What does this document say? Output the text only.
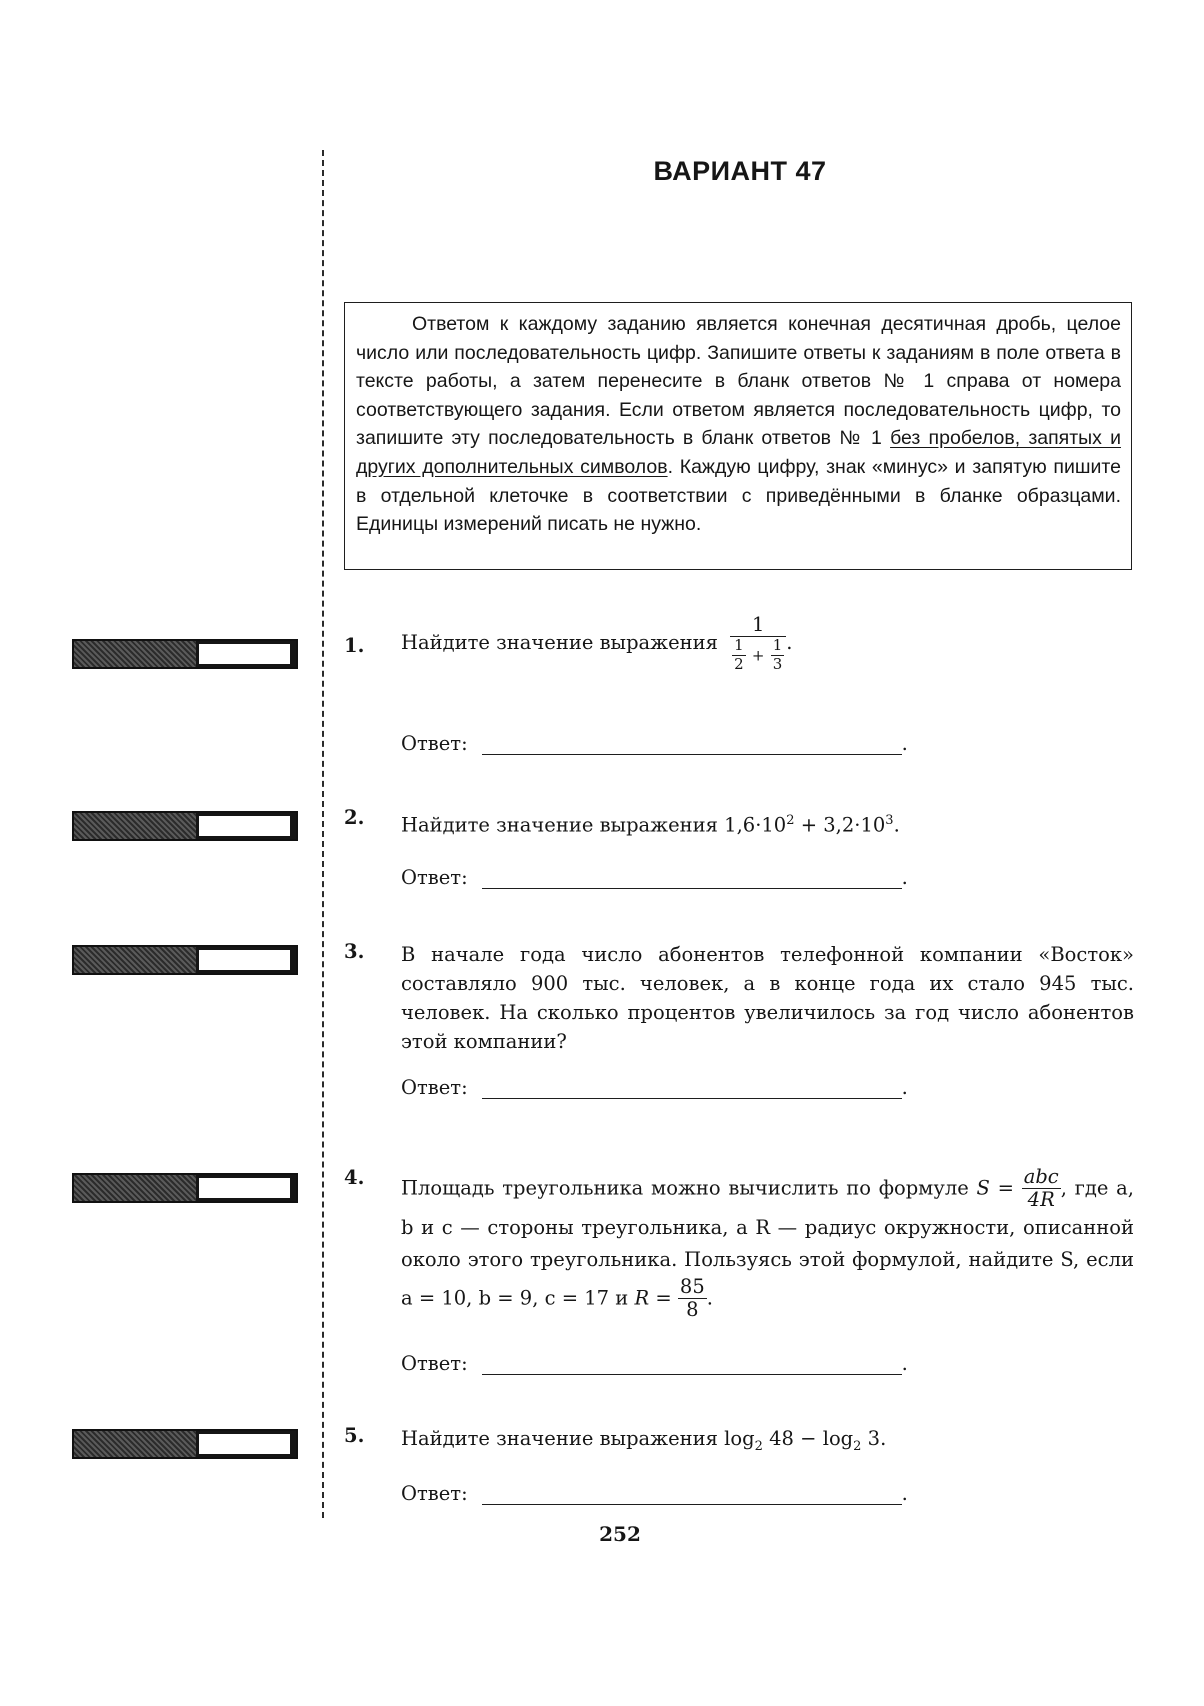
ВАРИАНТ 47
Ответом к каждому заданию является конечная десятичная дробь, целое число или последовательность цифр. Запишите ответы к заданиям в поле ответа в тексте работы, а затем перенесите в бланк ответов № 1 справа от номера соответствующего задания. Если ответом является последовательность цифр, то запишите эту последовательность в бланк ответов № 1 без пробелов, запятых и других дополнительных символов. Каждую цифру, знак «минус» и запятую пишите в отдельной клеточке в соответствии с приведёнными в бланке образцами. Единицы измерений писать не нужно.
1. Найдите значение выражения $\frac{1}{\frac{1}{2} + \frac{1}{3}}$ .
Ответ:	.
2. Найдите значение выражения $1,6\cdot 10^2 + 3,2\cdot 10^3$.
Ответ:	.
3. В начале года число абонентов телефонной компании «Восток» составляло 900 тыс. человек, а в конце года их стало 945 тыс. человек. На сколько процентов увеличилось за год число абонентов этой компании?
Ответ:	.
4. Площадь треугольника можно вычислить по формуле $S = \frac{\text{abc}}{4R}$ , где a, b и c — стороны треугольника, a R — радиус окружности, описанной около этого треугольника. Пользуясь этой формулой, найдите S, если a = 10, b = 9, c = 17 и $R = \frac{85}{8}$ .
Ответ:	.
5. Найдите значение выражения $\log_2 48 - \log_2 3$.
Ответ:	.
252
